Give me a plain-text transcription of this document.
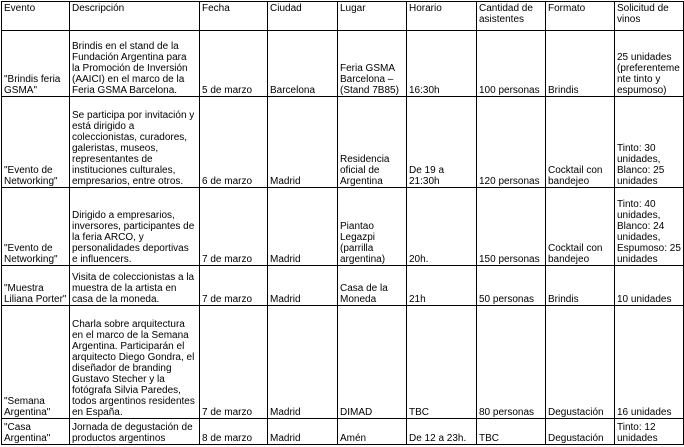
Evento	Descripción	Fecha	Ciudad	Lugar	Horario	Cantidad de asistentes	Formato	Solicitud de vinos
"Brindis feria GSMA"	Brindis en el stand de la Fundación Argentina para la Promoción de Inversión (AAICI) en el marco de la Feria GSMA Barcelona.	5 de marzo	Barcelona	Feria GSMA Barcelona – (Stand 7B85)	16:30h	100 personas	Brindis	25 unidades (preferenteme nte tinto y espumoso)
"Evento de Networking"	Se participa por invitación y está dirigido a coleccionistas, curadores, galeristas, museos, representantes de instituciones culturales, empresarios, entre otros.	6 de marzo	Madrid	Residencia oficial de Argentina	De 19 a 21:30h	120 personas	Cocktail con bandejeo	Tinto: 30 unidades, Blanco: 25 unidades
"Evento de Networking"	Dirigido a empresarios, inversores, participantes de la feria ARCO, y personalidades deportivas e influencers.	7 de marzo	Madrid	Piantao Legazpi (parrilla argentina)	20h.	150 personas	Cocktail con bandejeo	Tinto: 40 unidades, Blanco: 24 unidades, Espumoso: 25 unidades
"Muestra Liliana Porter"	Visita de coleccionistas a la muestra de la artista en casa de la moneda.	7 de marzo	Madrid	Casa de la Moneda	21h	50 personas	Brindis	10 unidades
"Semana Argentina"	Charla sobre arquitectura en el marco de la Semana Argentina. Participarán el arquitecto Diego Gondra, el diseñador de branding Gustavo Stecher y la fotógrafa Silvia Paredes, todos argentinos residentes en España.	7 de marzo	Madrid	DIMAD	TBC	80 personas	Degustación	16 unidades
"Casa Argentina"	Jornada de degustación de productos argentinos	8 de marzo	Madrid	Amén	De 12 a 23h.	TBC	Degustación	Tinto: 12 unidades
